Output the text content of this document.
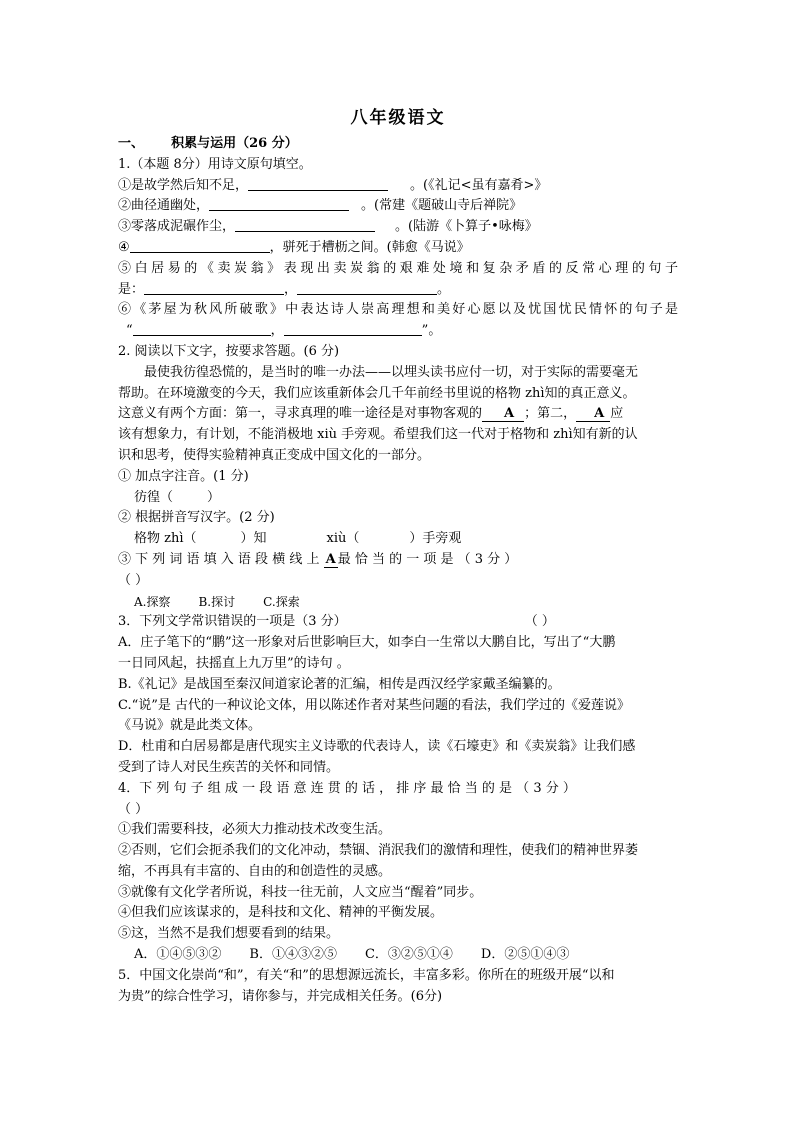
八年级语文
一、 积累与运用（26 分）
1.（本题 8分）用诗文原句填空。
①是故学然后知不足，	。(《礼记<虽有嘉肴>》
②曲径通幽处，	。(常建《题破山寺后禅院》
③零落成泥碾作尘，	。(陆游《卜算子•咏梅》
④	，骈死于槽枥之间。(韩愈《马说》
⑤白居易的《卖炭翁》表现出卖炭翁的艰难处境和复杂矛盾的反常心理的句子
是：	，	。
⑥《茅屋为秋风所破歌》中表达诗人崇高理想和美好心愿以及忧国忧民情怀的句子是
“	，	”。
2. 阅读以下文字，按要求答题。(6 分)
最使我彷徨恐慌的，是当时的唯一办法——以埋头读书应付一切，对于实际的需要毫无
帮助。在环境激变的今天，我们应该重新体会几千年前经书里说的格物 zhì知的真正意义。
这意义有两个方面：第一，寻求真理的唯一途径是对事物客观的 A ；第二， A 应
该有想象力，有计划，不能消极地 xiù 手旁观。希望我们这一代对于格物和 zhì知有新的认
识和思考，使得实验精神真正变成中国文化的一部分。
① 加点字注音。(1 分)
彷徨（	）
② 根据拼音写汉字。(2 分)
格物 zhì（	）知	xiù（	）手旁观
③ 下 列 词 语 填 入 语 段 横 线 上 A 最 恰 当 的 一 项 是 （ 3 分 ）
（ ）
A.探察 B.探讨 C.探索
3．下列文学常识错误的一项是（3 分）	（ ）
A．庄子笔下的“鹏”这一形象对后世影响巨大，如李白一生常以大鹏自比，写出了“大鹏
一日同风起，扶摇直上九万里”的诗句 。
B.《礼记》是战国至秦汉间道家论著的汇编，相传是西汉经学家戴圣编纂的。
C.“说”是 古代的一种议论文体，用以陈述作者对某些问题的看法，我们学过的《爱莲说》
《马说》就是此类文体。
D．杜甫和白居易都是唐代现实主义诗歌的代表诗人，读《石壕吏》和《卖炭翁》让我们感
受到了诗人对民生疾苦的关怀和同情。
4．下 列 句 子 组 成 一 段 语 意 连 贯 的 话 ， 排 序 最 恰 当 的 是 （ 3 分 ）
（ ）
①我们需要科技，必须大力推动技术改变生活。
②否则，它们会扼杀我们的文化冲动，禁锢、消泯我们的激情和理性，使我们的精神世界萎
缩，不再具有丰富的、自由的和创造性的灵感。
③就像有文化学者所说，科技一往无前，人文应当“醒着”同步。
④但我们应该谋求的，是科技和文化、精神的平衡发展。
⑤这，当然不是我们想要看到的结果。
A．①④⑤③② B．①④③②⑤ C．③②⑤①④ D．②⑤①④③
5．中国文化崇尚“和”，有关“和”的思想源远流长，丰富多彩。你所在的班级开展“以和
为贵”的综合性学习，请你参与，并完成相关任务。(6分)
